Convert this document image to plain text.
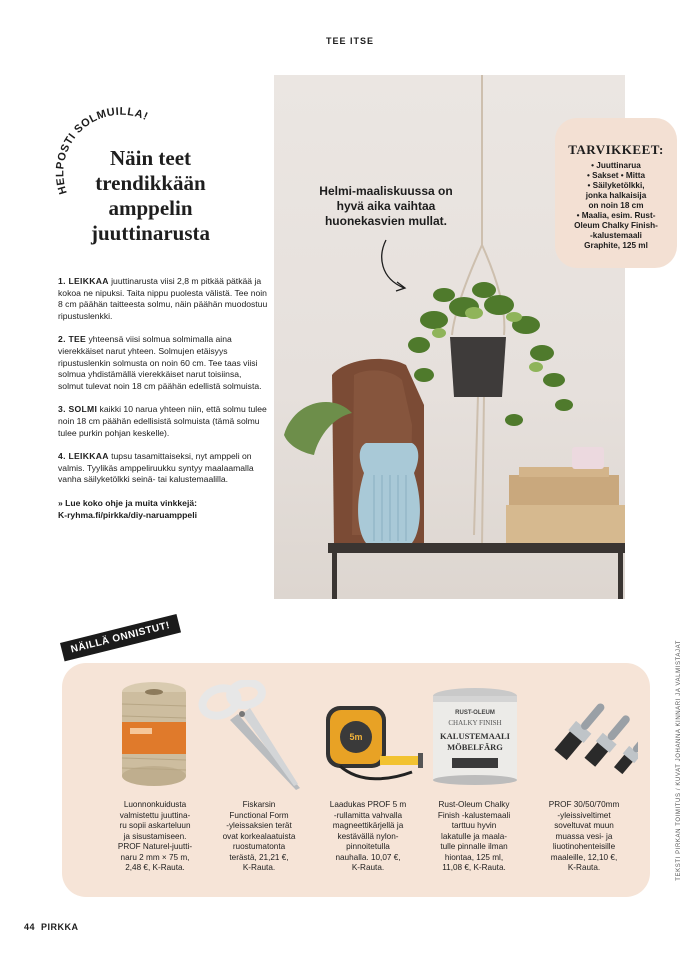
TEE ITSE
HELPOSTI SOLMUILLA!
Näin teet trendikkään amppelin juuttinarusta

1. LEIKKAA juuttinarusta viisi 2,8 m pitkää pätkää ja kokoa ne nipuksi. Taita nippu puolesta välistä. Tee noin 8 cm päähän taitteesta solmu, näin päähän muodostuu ripustuslenkki.

2. TEE yhteensä viisi solmua solmimalla aina vierekkäiset narut yhteen. Solmujen etäisyys ripustuslenkin solmusta on noin 60 cm. Tee taas viisi solmua yhdistämällä vierekkäiset narut toisiinsa, solmut tulevat noin 18 cm päähän edellistä solmuista.

3. SOLMI kaikki 10 narua yhteen niin, että solmu tulee noin 18 cm päähän edellisistä solmuista (tämä solmu tulee purkin pohjan keskelle).

4. LEIKKAA tupsu tasamittaiseksi, nyt amppeli on valmis. Tyylikäs amppeliruukku syntyy maalaamalla vanha säilyketölkki seinä- tai kalustemaalilla.

» Lue koko ohje ja muita vinkkejä:
K-ryhma.fi/pirkka/diy-naruamppeli
Helmi-maaliskuussa on hyvä aika vaihtaa huonekasvien mullat.
TARVIKKEET:
• Juuttinarua
• Sakset • Mitta
• Säilyketölkki,
jonka halkaisija
on noin 18 cm
• Maalia, esim. Rust-
Oleum Chalky Finish-
-kalustemaali
Graphite, 125 ml
NÄILLÄ ONNISTUT!
5m
RUST-OLEUM
CHALKY FINISH
KALUSTEMAALI
MÖBELFÄRG
Luonnonkuidusta
valmistettu juuttina-
ru sopii askarteluun
ja sisustamiseen.
PROF Naturel-juutti-
naru 2 mm × 75 m,
2,48 €, K-Rauta.
Fiskarsin
Functional Form
-yleissaksien terät
ovat korkealaatuista
ruostumatonta
terästä, 21,21 €,
K-Rauta.
Laadukas PROF 5 m
-rullamitta vahvalla
magneettikärjellä ja
kestävällä nylon-
pinnoitetulla
nauhalla. 10,07 €,
K-Rauta.
Rust-Oleum Chalky
Finish -kalustemaali
tarttuu hyvin
lakatulle ja maala-
tulle pinnalle ilman
hiontaa, 125 ml,
11,08 €, K-Rauta.
PROF 30/50/70mm
-yleissiveltimet
soveltuvat muun
muassa vesi- ja
liuotinohenteisille
maaleille, 12,10 €,
K-Rauta.	TEKSTI PIRKAN TOIMITUS / KUVAT JOHANNA KINNARI JA VALMISTAJAT
44 PIRKKA
